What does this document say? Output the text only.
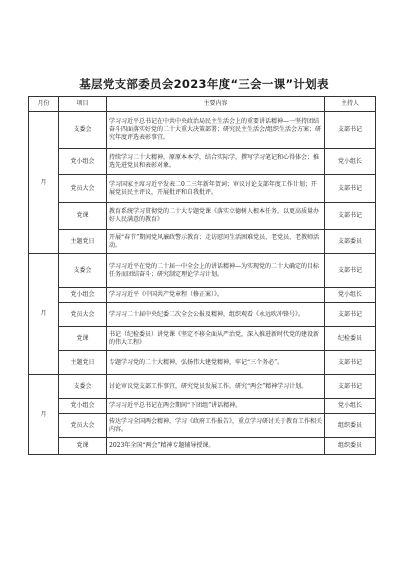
基层党支部委员会2023年度“三会一课”计划表
月份	项目	主要内容	主持人
月	支委会	学习习近平总书记在中共中央政治局民主生活会上的重要讲话精神—一坚持团结奋斗四面落实好党的二十大重大决策部署；研究民主生活会/组织生活会方案；研究年度评选表彰事宜。	支部书记
	党小组会	持续学习二十大精神，原原本本学，结合实际学，撰写学习笔记和心得体会；推选先进党员和表彰对象。	党小组长
	党员大会	学习国家主席习近平发表二0二三年新年贺词；审议讨论支部年度工作计划；开展党员民主评议，开展批评和自我批评。	支部书记
	党课	教育系统学习贯彻党的二十大专题党课《落实立德树人根本任务，以更高质量办好人民满意的教育》	支部书记
	主题党日	开展“春节”期间党风廉政警示教育；走访慰问生活困难党员、老党员、老教师活动。	支部委员
月	支委会	学习习近平在党的二十届一中全会上的讲话精神—为实现党的二十大确定的目标任务而团结奋斗；研究制定理论学习计划。	支部书记
	党小组会	学习习近平《中国共产党章程（修正案）》。	党小组长
	党员大会	学习习二十届中央纪委二次全会公报及精神，组织观看《永远吹冲锋号》。	支部书记
	党课	书记（纪检委员）讲党课《坚定不移全面从严治党，深入推进新时代党的建设新的伟大工程》	纪检委员
	主题党日	专题学习党的二十大精神，弘扬伟大建党精神，牢记“三个务必”。	支部书记
月	支委会	讨论审议党支部工作事宜，研究党员发展工作，研究“两会”精神学习计划。	支部书记
	党小组会	学习习近平总书记在两会期间“下团组”讲话精神。	党小组长
	党员大会	传达学习全国两会精神，学习《政府工作报告》，重点学习研讨关于教育工作相关内容。	组织委员
	党课	2023年全国“两会”精神专题辅导授课。	组织委员
